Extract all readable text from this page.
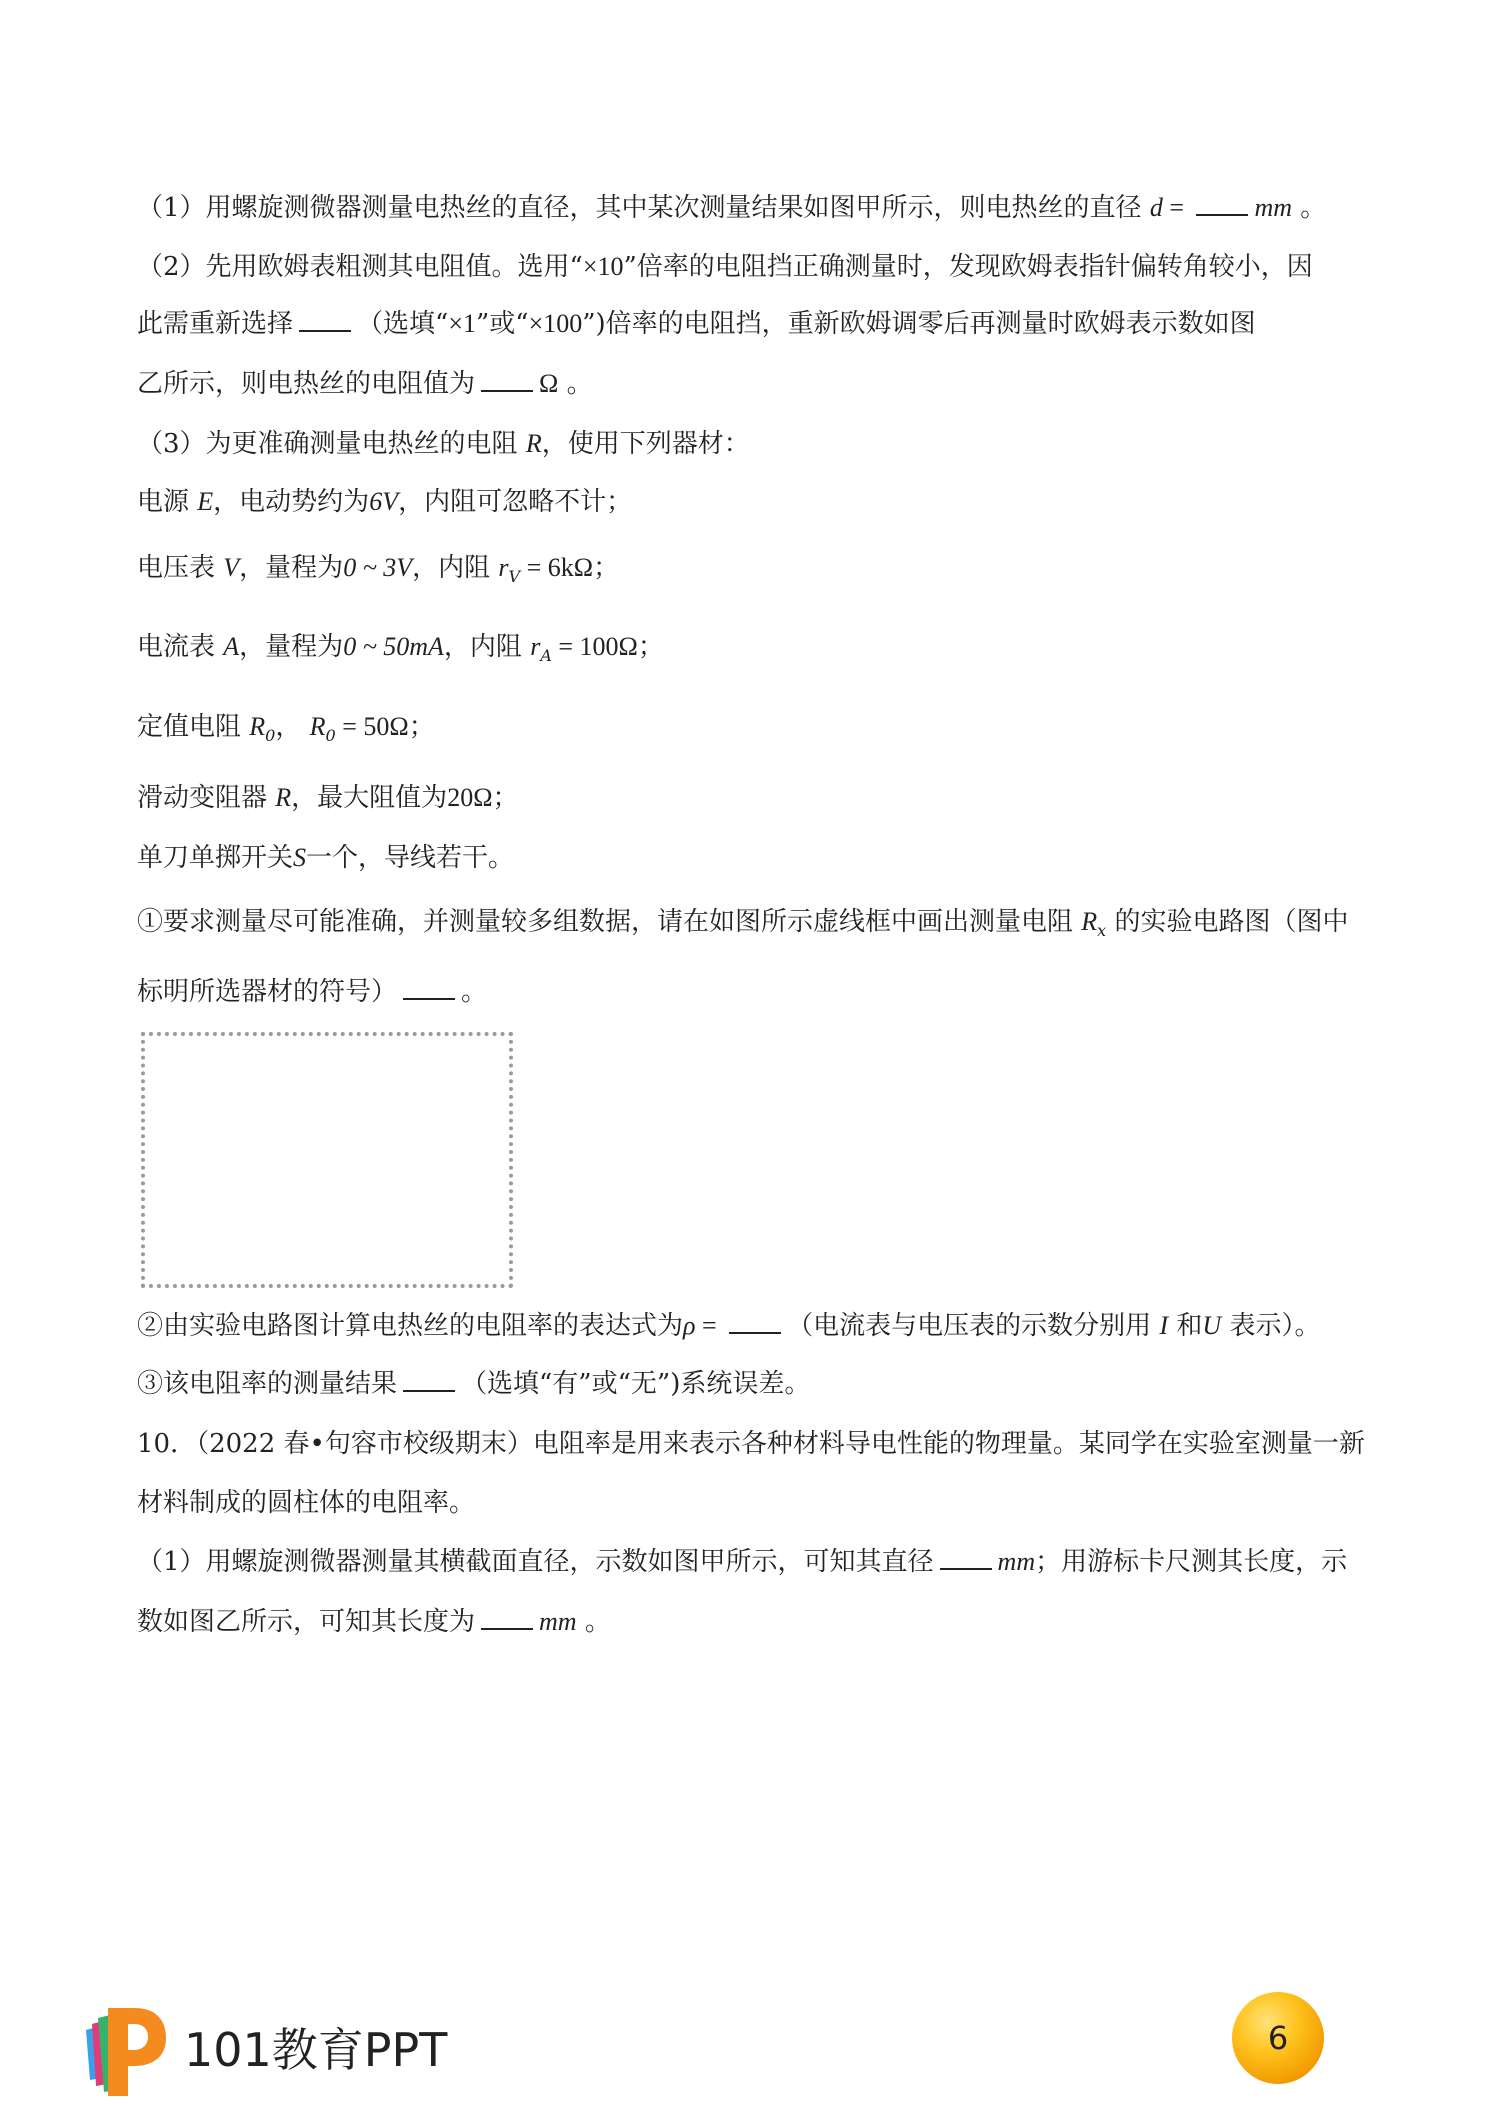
（1）用螺旋测微器测量电热丝的直径，其中某次测量结果如图甲所示，则电热丝的直径 d = mm 。
（2）先用欧姆表粗测其电阻值。选用“×10”倍率的电阻挡正确测量时，发现欧姆表指针偏转角较小，因
此需重新选择 （选填“×1”或“×100”)倍率的电阻挡，重新欧姆调零后再测量时欧姆表示数如图
乙所示，则电热丝的电阻值为 Ω 。
（3）为更准确测量电热丝的电阻 R，使用下列器材：
电源 E，电动势约为6V，内阻可忽略不计；
电压表 V，量程为0 ~ 3V，内阻 $r_V = 6k\Omega$；
电流表 A，量程为0 ~ 50mA，内阻 $r_A = 100\Omega$；
定值电阻 $R_0$， $R_0 = 50\Omega$；
滑动变阻器 R，最大阻值为20Ω；
单刀单掷开关S一个，导线若干。
①要求测量尽可能准确，并测量较多组数据，请在如图所示虚线框中画出测量电阻 $R_x$ 的实验电路图（图中
标明所选器材的符号） 。
②由实验电路图计算电热丝的电阻率的表达式为ρ = （电流表与电压表的示数分别用 I 和U 表示）。
③该电阻率的测量结果 （选填“有”或“无”)系统误差。
10．（2022 春•句容市校级期末）电阻率是用来表示各种材料导电性能的物理量。某同学在实验室测量一新
材料制成的圆柱体的电阻率。
（1）用螺旋测微器测量其横截面直径，示数如图甲所示，可知其直径 mm；用游标卡尺测其长度，示
数如图乙所示，可知其长度为 mm 。
101教育PPT	6
